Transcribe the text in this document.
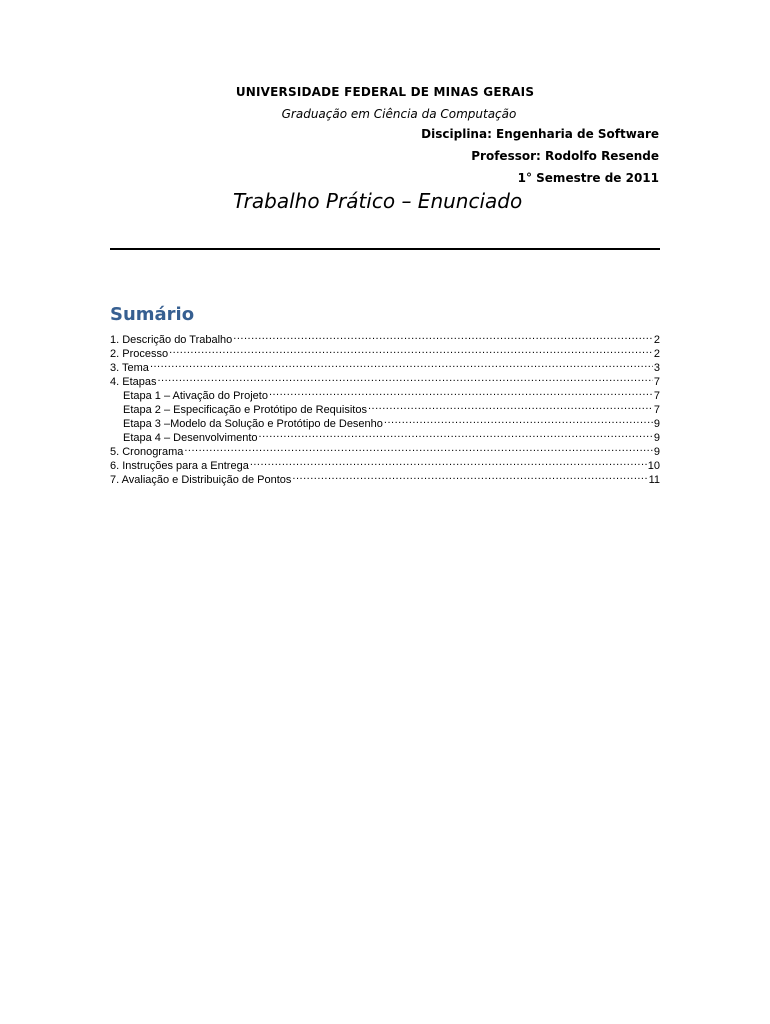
UNIVERSIDADE FEDERAL DE MINAS GERAIS
Graduação em Ciência da Computação
Disciplina: Engenharia de Software
Professor: Rodolfo Resende
1° Semestre de 2011
Trabalho Prático – Enunciado
Sumário
1. Descrição do Trabalho .....	2
2. Processo .....	2
3. Tema .....	3
4. Etapas .....	7
Etapa 1 – Ativação do Projeto .....	7
Etapa 2 – Especificação e Protótipo de Requisitos .....	7
Etapa 3 –Modelo da Solução e Protótipo de Desenho .....	9
Etapa 4 – Desenvolvimento .....	9
5. Cronograma .....	9
6. Instruções para a Entrega .....	10
7. Avaliação e Distribuição de Pontos .....	11
